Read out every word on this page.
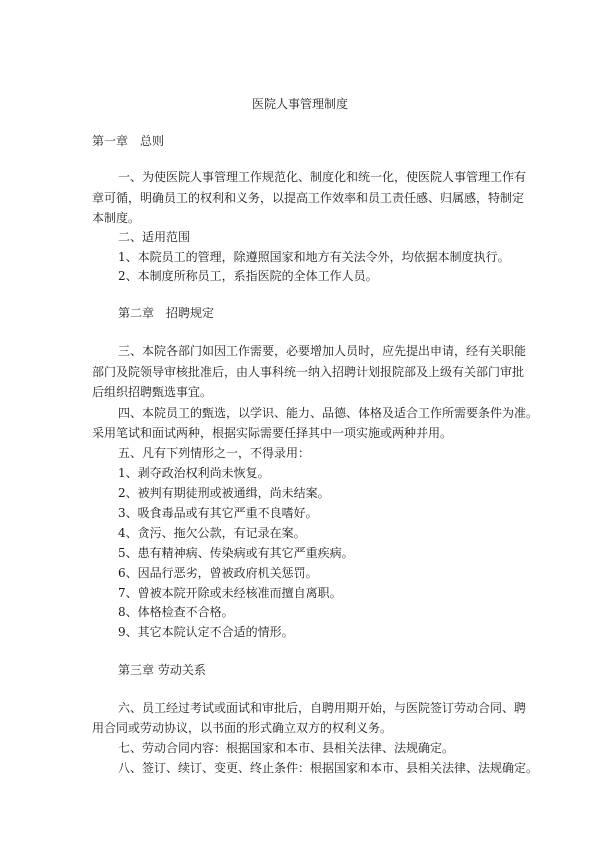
医院人事管理制度
第一章　总则
一、为使医院人事管理工作规范化、制度化和统一化，使医院人事管理工作有
章可循，明确员工的权利和义务，以提高工作效率和员工责任感、归属感，特制定
本制度。
二、适用范围
1、本院员工的管理，除遵照国家和地方有关法令外，均依据本制度执行。
2、本制度所称员工，系指医院的全体工作人员。
第二章　招聘规定
三、本院各部门如因工作需要，必要增加人员时，应先提出申请，经有关职能
部门及院领导审核批准后，由人事科统一纳入招聘计划报院部及上级有关部门审批
后组织招聘甄选事宜。
四、本院员工的甄选，以学识、能力、品德、体格及适合工作所需要条件为准。
采用笔试和面试两种，根据实际需要任择其中一项实施或两种并用。
五、凡有下列情形之一，不得录用：
1、剥夺政治权利尚未恢复。
2、被判有期徒刑或被通缉，尚未结案。
3、吸食毒品或有其它严重不良嗜好。
4、贪污、拖欠公款，有记录在案。
5、患有精神病、传染病或有其它严重疾病。
6、因品行恶劣，曾被政府机关惩罚。
7、曾被本院开除或未经核准而擅自离职。
8、体格检查不合格。
9、其它本院认定不合适的情形。
第三章 劳动关系
六、员工经过考试或面试和审批后，自聘用期开始，与医院签订劳动合同、聘
用合同或劳动协议，以书面的形式确立双方的权利义务。
七、劳动合同内容：根据国家和本市、县相关法律、法规确定。
八、签订、续订、变更、终止条件：根据国家和本市、县相关法律、法规确定。
